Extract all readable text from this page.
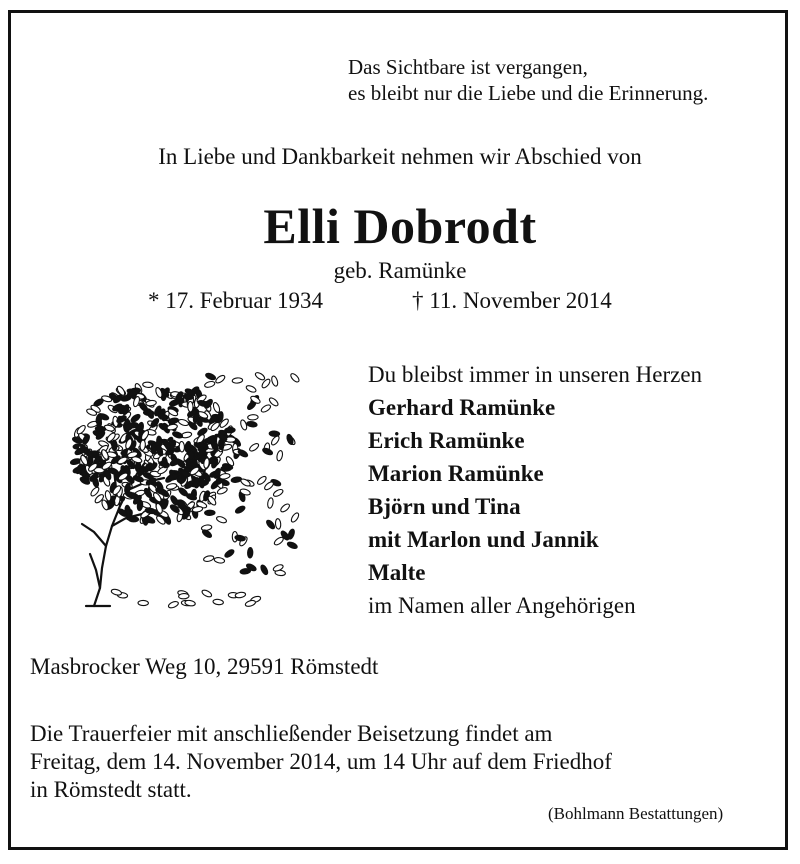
Das Sichtbare ist vergangen,
es bleibt nur die Liebe und die Erinnerung.
In Liebe und Dankbarkeit nehmen wir Abschied von
Elli Dobrodt
geb. Ramünke
* 17. Februar 1934	† 11. November 2014
Du bleibst immer in unseren Herzen
Gerhard Ramünke
Erich Ramünke
Marion Ramünke
Björn und Tina
mit Marlon und Jannik
Malte
im Namen aller Angehörigen
Masbrocker Weg 10, 29591 Römstedt
Die Trauerfeier mit anschließender Beisetzung findet am
Freitag, dem 14. November 2014, um 14 Uhr auf dem Friedhof
in Römstedt statt.
(Bohlmann Bestattungen)
